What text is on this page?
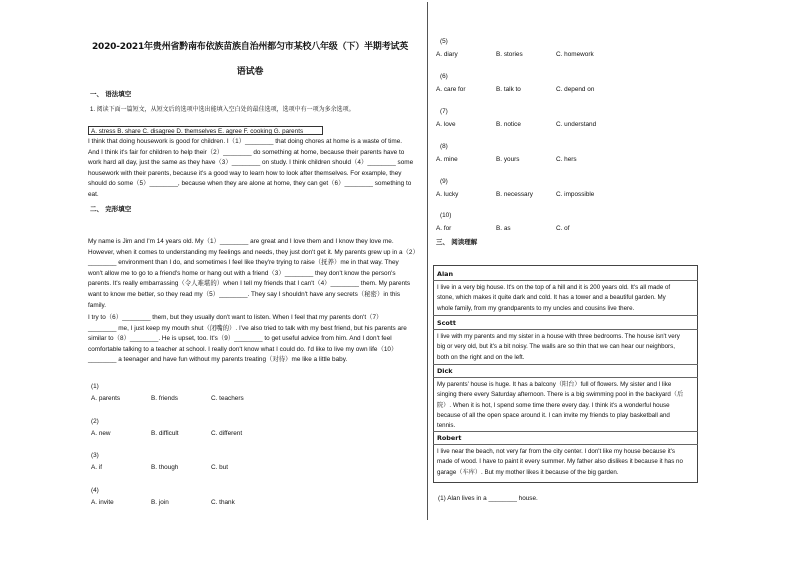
2020-2021年贵州省黔南布依族苗族自治州都匀市某校八年级（下）半期考试英
语试卷
一、 语法填空
1. 阅读下面一篇短文，从短文后的选项中选出能填入空白处的最佳选项，选项中有一项为多余选项。
A. stress B. share C. disagree D. themselves E. agree F. cooking G. parents

I think that doing housework is good for children. I（1）________ that doing chores at home is a waste of time.

And I think it's fair for children to help their（2）________ do something at home, because their parents have to

work hard all day, just the same as they have（3）________ on study. I think children should（4）________ some

housework with their parents, because it's a good way to learn how to look after themselves. For example, they

should do some（5）________, because when they are alone at home, they can get（6）________ something to

eat.

二、 完形填空

My name is Jim and I'm 14 years old. My（1）________ are great and I love them and I know they love me.

However, when it comes to understanding my feelings and needs, they just don't get it. My parents grew up in a（2）

________ environment than I do, and sometimes I feel like they're trying to raise（抚养）me in that way. They

won't allow me to go to a friend's home or hang out with a friend（3）________ they don't know the person's

parents. It's really embarrassing（令人难堪的）when I tell my friends that I can't（4）________ them. My parents

want to know me better, so they read my（5）________. They say I shouldn't have any secrets（秘密）in this

family.

I try to（6）________ them, but they usually don't want to listen. When I feel that my parents don't（7）

________ me, I just keep my mouth shut（闭嘴的）. I've also tried to talk with my best friend, but his parents are

similar to（8）________. He is upset, too. It's（9）________ to get useful advice from him. And I don't feel

comfortable talking to a teacher at school. I really don't know what I could do. I'd like to live my own life（10）

________ a teenager and have fun without my parents treating（对待）me like a little baby.

(1)
A. parents	B. friends	C. teachers
(2)
A. new	B. difficult	C. different
(3)
A. if	B. though	C. but
(4)
A. invite	B. join	C. thank
(5)
A. diary	B. stories	C. homework
(6)
A. care for	B. talk to	C. depend on
(7)
A. love	B. notice	C. understand
(8)
A. mine	B. yours	C. hers
(9)
A. lucky	B. necessary	C. impossible
(10)
A. for	B. as	C. of
三、 阅读理解
Alan
I live in a very big house. It's on the top of a hill and it is 200 years old. It's all made of
stone, which makes it quite dark and cold. It has a tower and a beautiful garden. My
whole family, from my grandparents to my uncles and cousins live there.
Scott
I live with my parents and my sister in a house with three bedrooms. The house isn't very
big or very old, but it's a bit noisy. The walls are so thin that we can hear our neighbors,
both on the right and on the left.
Dick
My parents' house is huge. It has a balcony（阳台）full of flowers. My sister and I like
singing there every Saturday afternoon. There is a big swimming pool in the backyard（后
院）. When it is hot, I spend some time there every day. I think it's a wonderful house
because of all the open space around it. I can invite my friends to play basketball and
tennis.
Robert
I live near the beach, not very far from the city center. I don't like my house because it's
made of wood. I have to paint it every summer. My father also dislikes it because it has no
garage（车库）. But my mother likes it because of the big garden.
(1) Alan lives in a ________ house.
